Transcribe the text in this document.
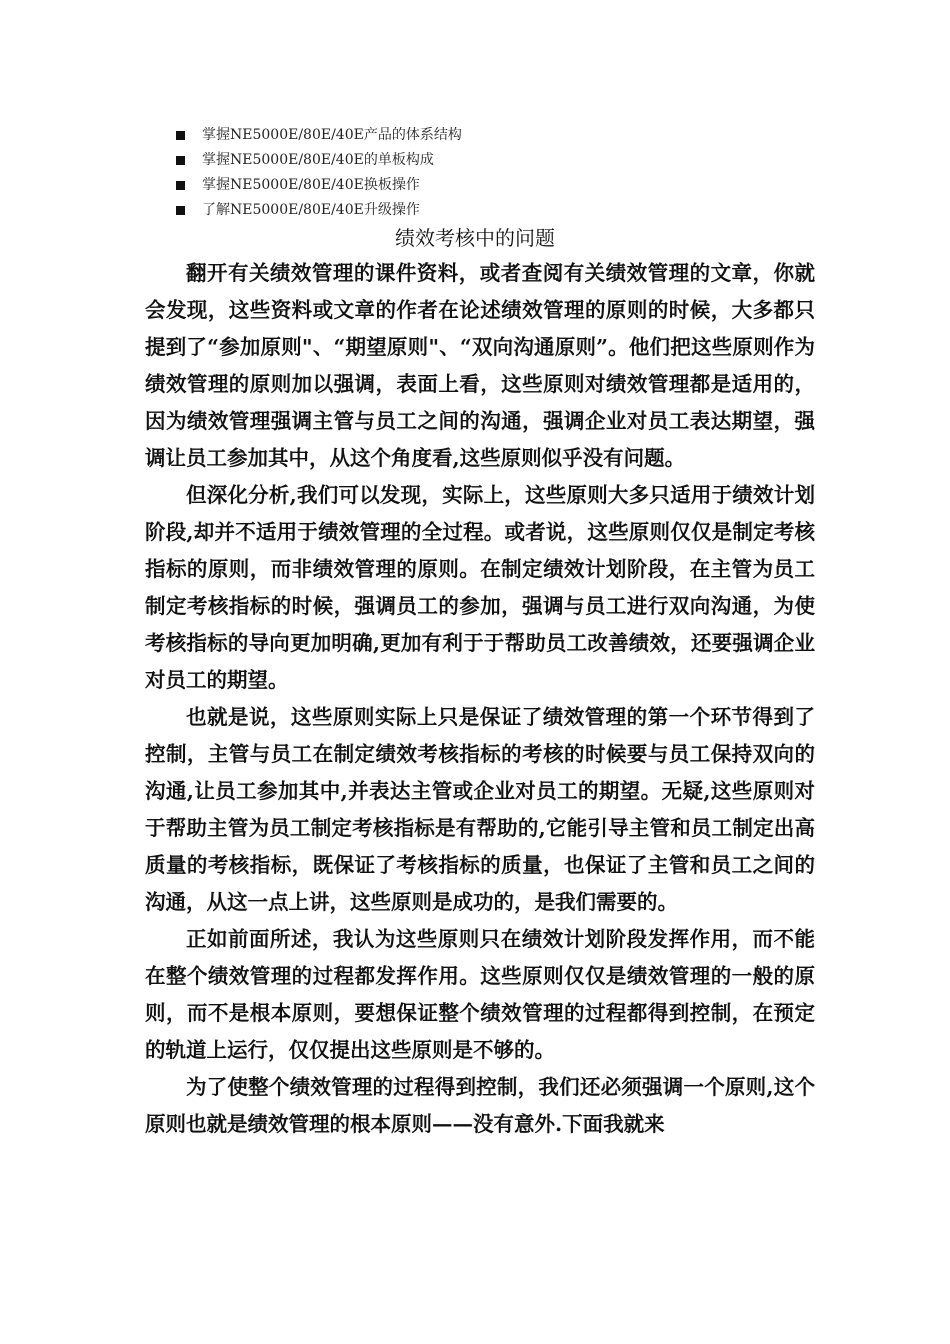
掌握NE5000E/80E/40E产品的体系结构
掌握NE5000E/80E/40E的单板构成
掌握NE5000E/80E/40E换板操作
了解NE5000E/80E/40E升级操作
绩效考核中的问题

翻开有关绩效管理的课件资料，或者查阅有关绩效管理的文章，你就会发现，这些资料或文章的作者在论述绩效管理的原则的时候，大多都只提到了“参加原则"、“期望原则"、“双向沟通原则”。他们把这些原则作为绩效管理的原则加以强调，表面上看，这些原则对绩效管理都是适用的，因为绩效管理强调主管与员工之间的沟通，强调企业对员工表达期望，强调让员工参加其中，从这个角度看,这些原则似乎没有问题。

但深化分析,我们可以发现，实际上，这些原则大多只适用于绩效计划阶段,却并不适用于绩效管理的全过程。或者说，这些原则仅仅是制定考核指标的原则，而非绩效管理的原则。在制定绩效计划阶段，在主管为员工制定考核指标的时候，强调员工的参加，强调与员工进行双向沟通，为使考核指标的导向更加明确,更加有利于于帮助员工改善绩效，还要强调企业对员工的期望。

也就是说，这些原则实际上只是保证了绩效管理的第一个环节得到了控制，主管与员工在制定绩效考核指标的考核的时候要与员工保持双向的沟通,让员工参加其中,并表达主管或企业对员工的期望。无疑,这些原则对于帮助主管为员工制定考核指标是有帮助的,它能引导主管和员工制定出高质量的考核指标，既保证了考核指标的质量，也保证了主管和员工之间的沟通，从这一点上讲，这些原则是成功的，是我们需要的。

正如前面所述，我认为这些原则只在绩效计划阶段发挥作用，而不能在整个绩效管理的过程都发挥作用。这些原则仅仅是绩效管理的一般的原则，而不是根本原则，要想保证整个绩效管理的过程都得到控制，在预定的轨道上运行，仅仅提出这些原则是不够的。

为了使整个绩效管理的过程得到控制，我们还必须强调一个原则,这个原则也就是绩效管理的根本原则——没有意外.下面我就来
